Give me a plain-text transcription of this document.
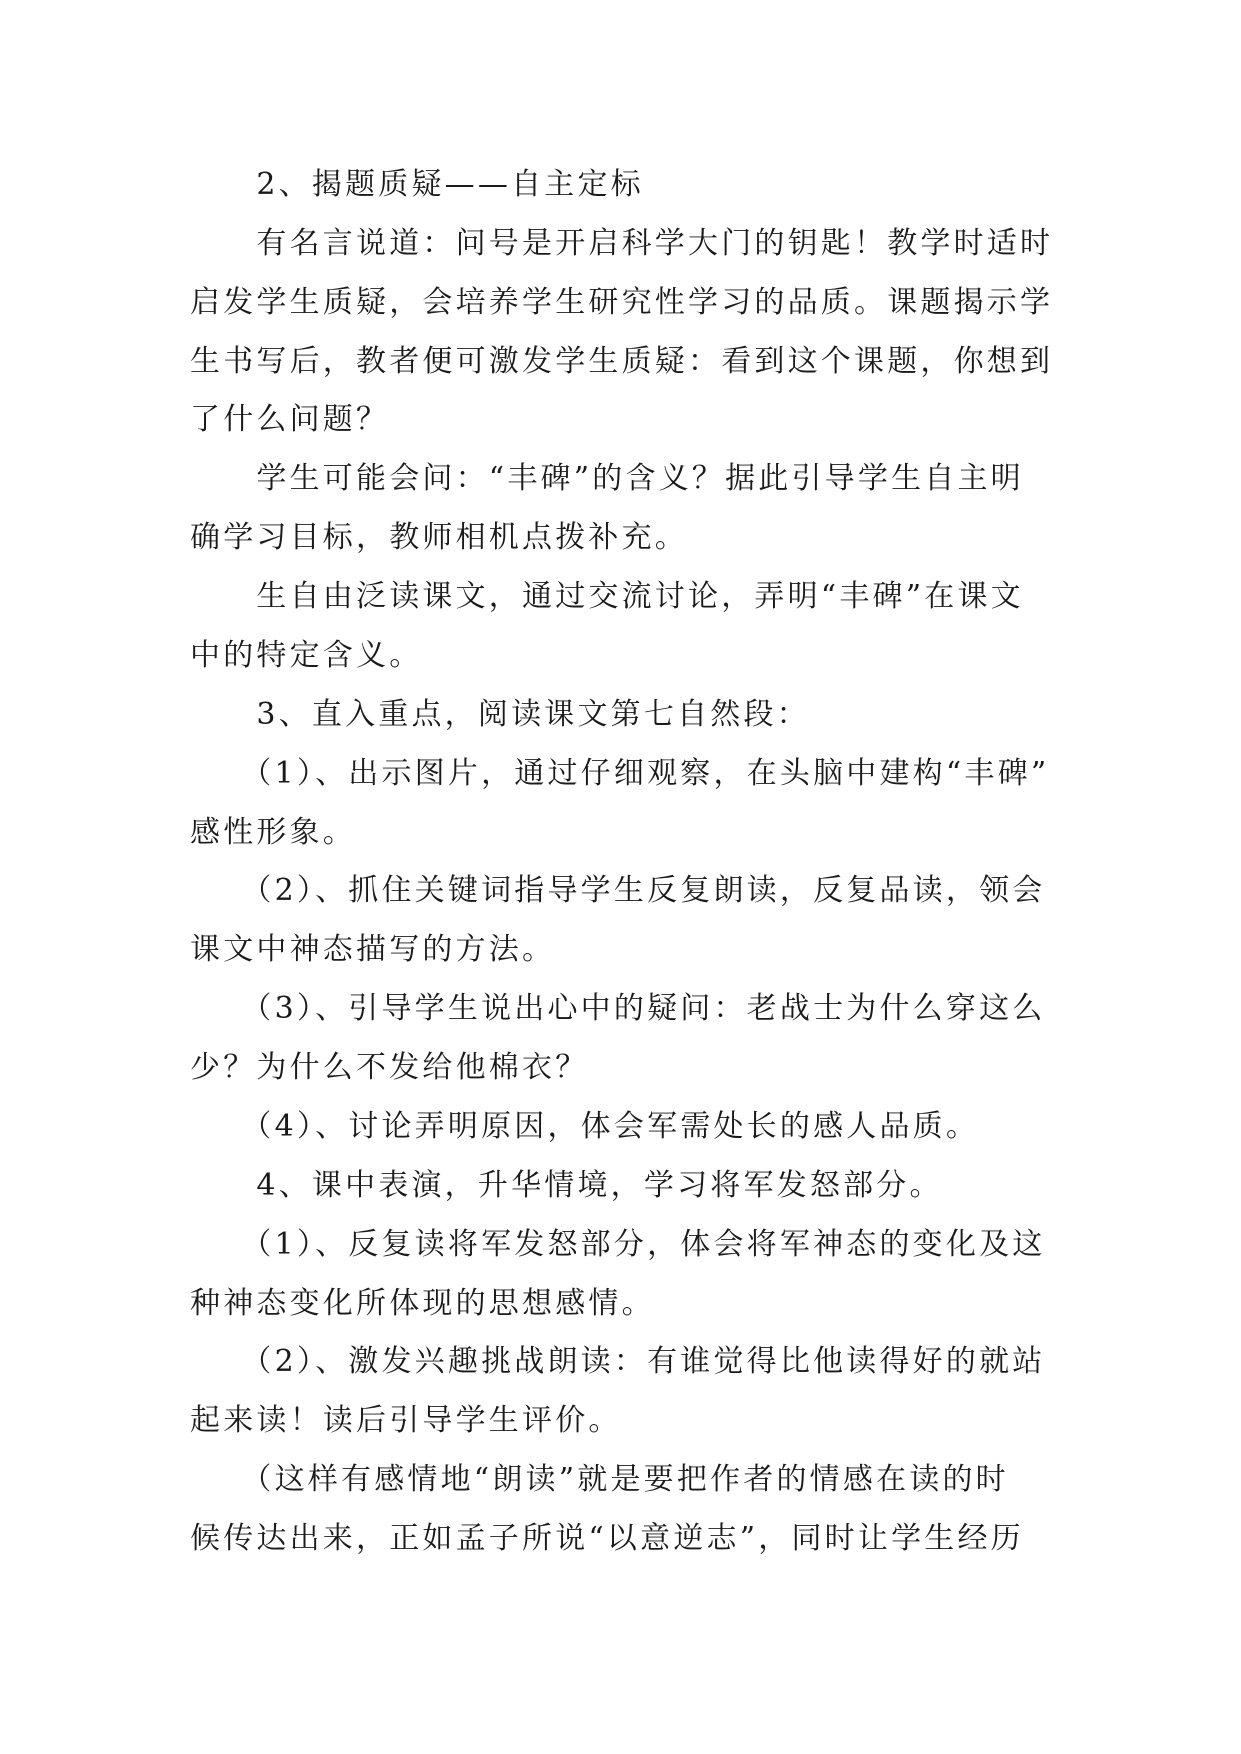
　　2、揭题质疑——自主定标
　　有名言说道：问号是开启科学大门的钥匙！教学时适时
启发学生质疑，会培养学生研究性学习的品质。课题揭示学
生书写后，教者便可激发学生质疑：看到这个课题，你想到
了什么问题？
　　学生可能会问：“丰碑”的含义？据此引导学生自主明
确学习目标，教师相机点拨补充。
　　生自由泛读课文，通过交流讨论，弄明“丰碑”在课文
中的特定含义。
　　3、直入重点，阅读课文第七自然段：
　　（1）、出示图片，通过仔细观察，在头脑中建构“丰碑”
感性形象。
　　（2）、抓住关键词指导学生反复朗读，反复品读，领会
课文中神态描写的方法。
　　（3）、引导学生说出心中的疑问：老战士为什么穿这么
少？为什么不发给他棉衣？
　　（4）、讨论弄明原因，体会军需处长的感人品质。
　　4、课中表演，升华情境，学习将军发怒部分。
　　（1）、反复读将军发怒部分，体会将军神态的变化及这
种神态变化所体现的思想感情。
　　（2）、激发兴趣挑战朗读：有谁觉得比他读得好的就站
起来读！读后引导学生评价。
　　（这样有感情地“朗读”就是要把作者的情感在读的时
候传达出来，正如孟子所说“以意逆志”，同时让学生经历
